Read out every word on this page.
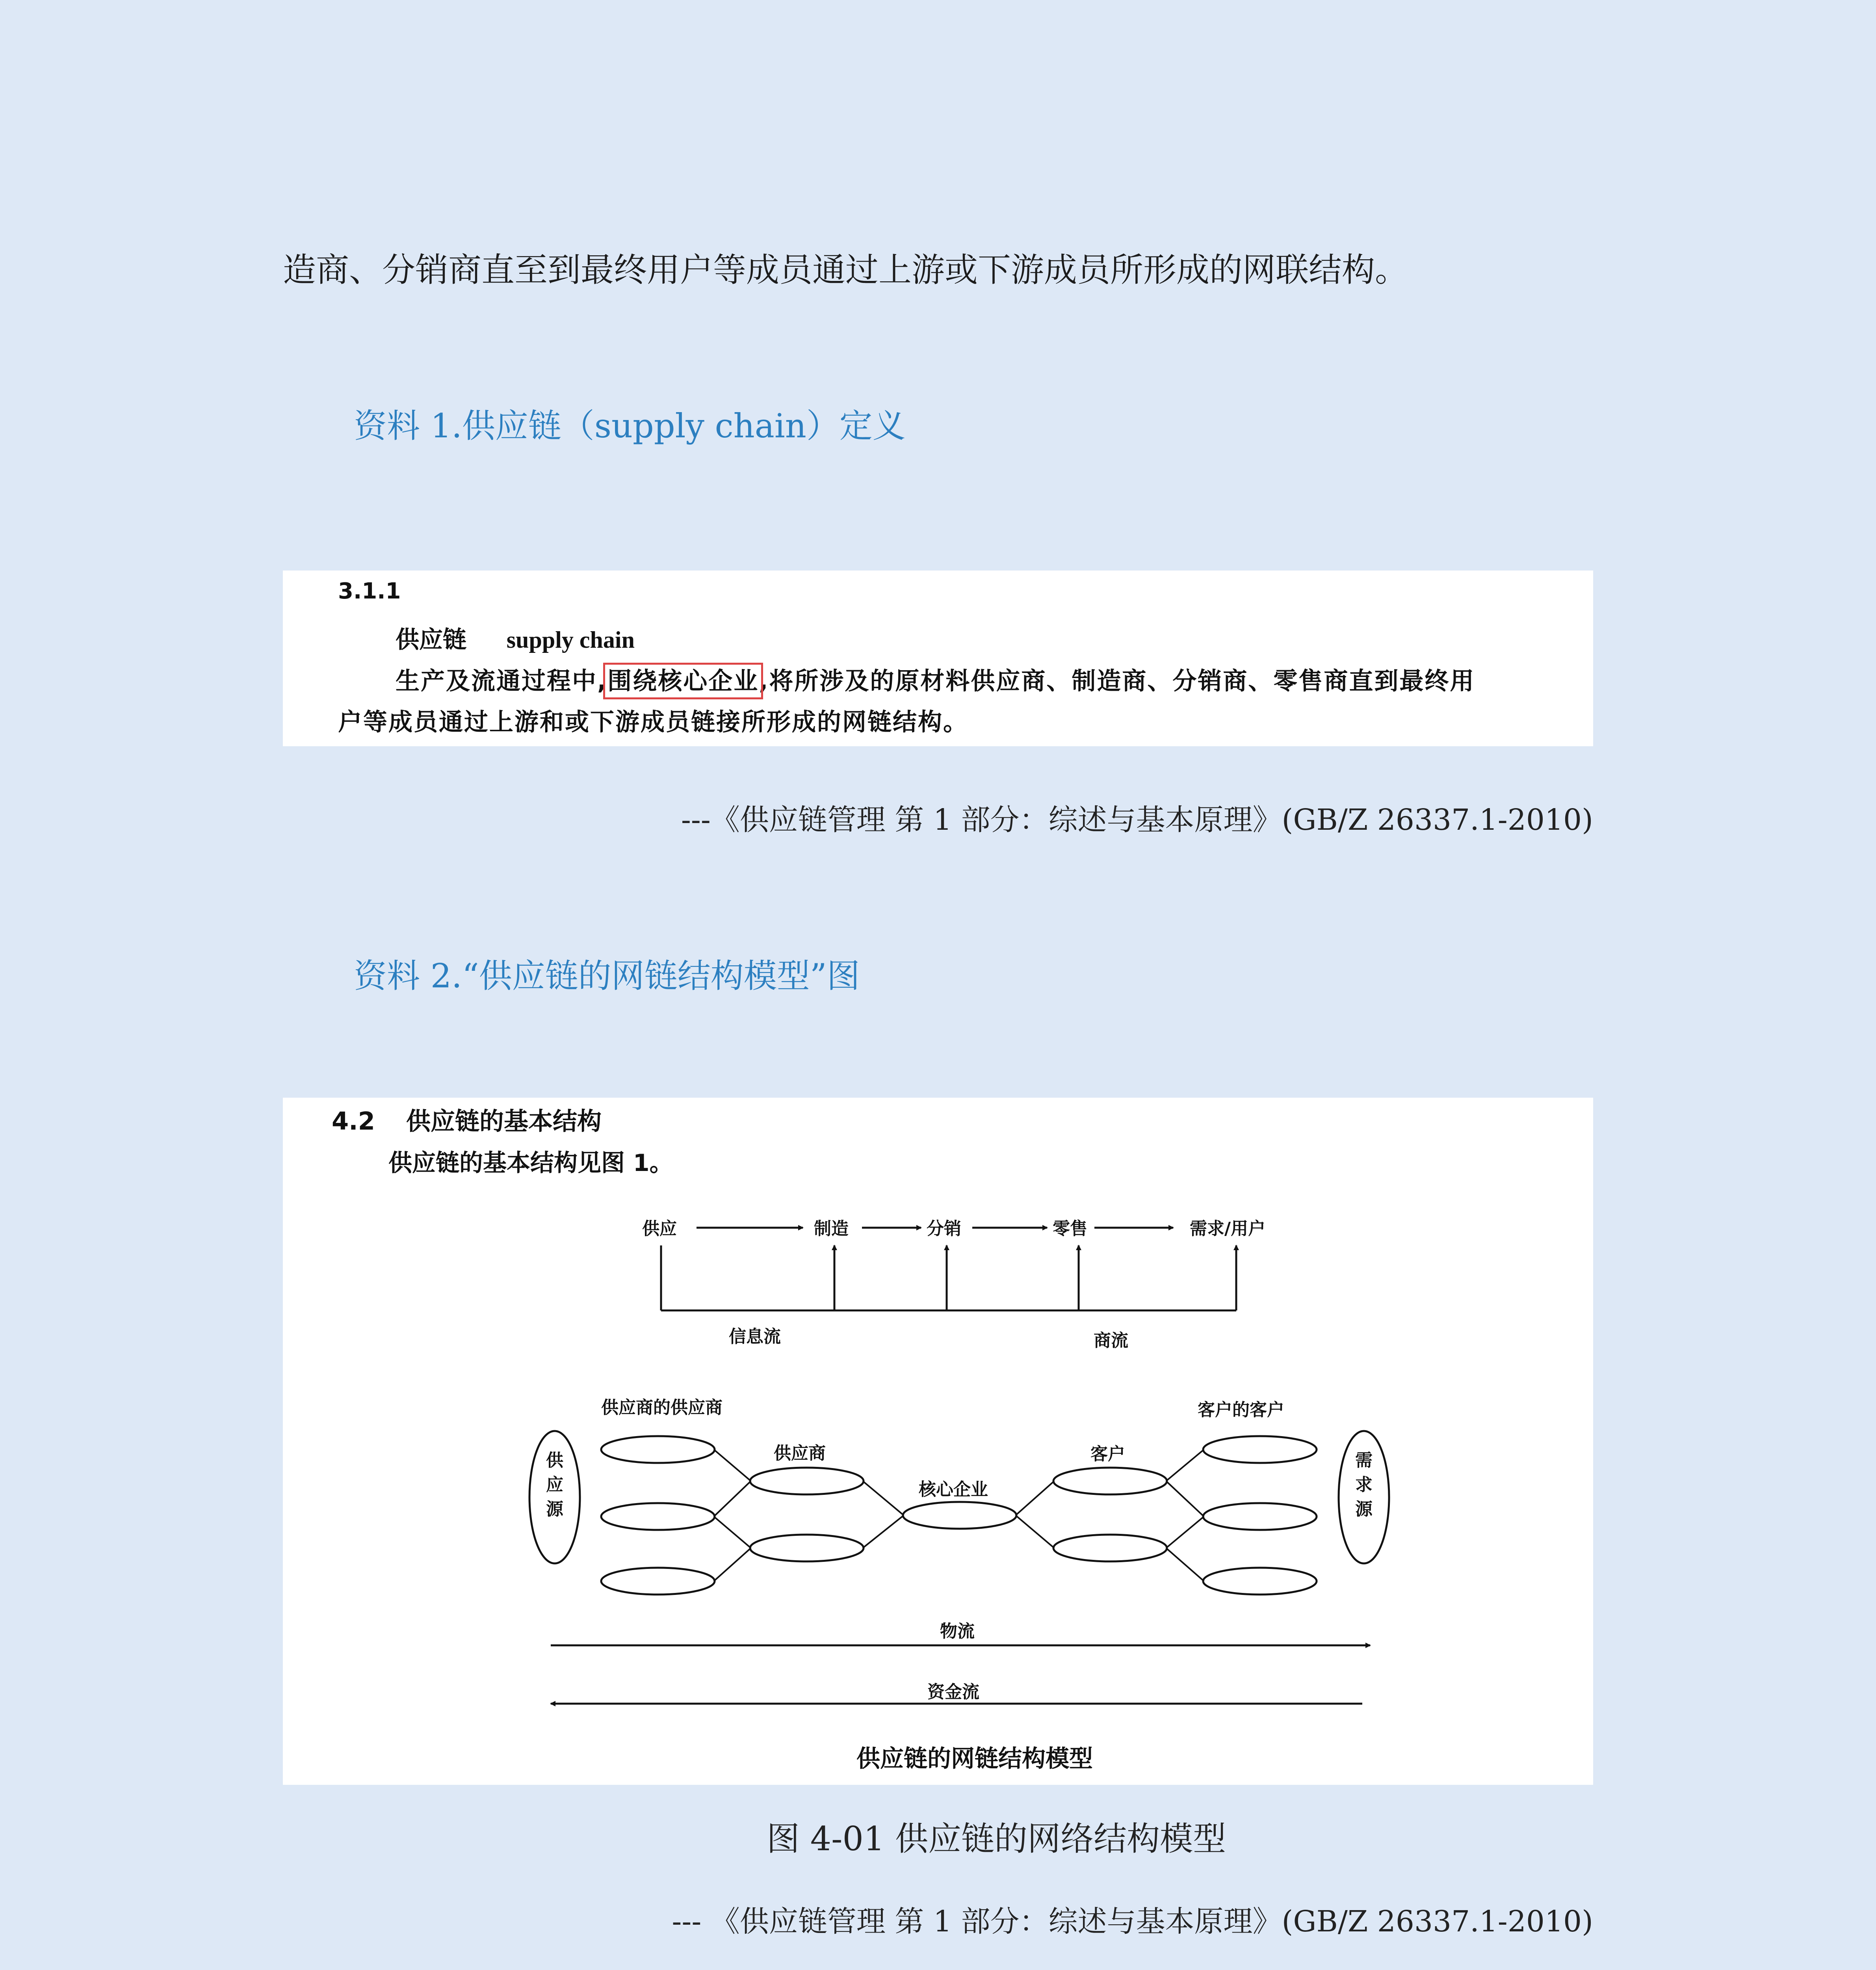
造商、分销商直至到最终用户等成员通过上游或下游成员所形成的网联结构。
资料 1.供应链（supply chain）定义
3.1.1
供应链 supply chain
生产及流通过程中,围绕核心企业,将所涉及的原材料供应商、制造商、分销商、零售商直到最终用
户等成员通过上游和或下游成员链接所形成的网链结构。
---《供应链管理 第 1 部分：综述与基本原理》(GB/Z 26337.1-2010)
资料 2.“供应链的网链结构模型”图
4.2 供应链的基本结构
供应链的基本结构见图 1。
供应	制造	分销	零售	需求/用户
信息流	商流
供应商的供应商
供应商
核心企业
客户
客户的客户
供应源
需求源
物流
资金流
供应链的网链结构模型
图 4-01 供应链的网络结构模型
--- 《供应链管理 第 1 部分：综述与基本原理》(GB/Z 26337.1-2010)
